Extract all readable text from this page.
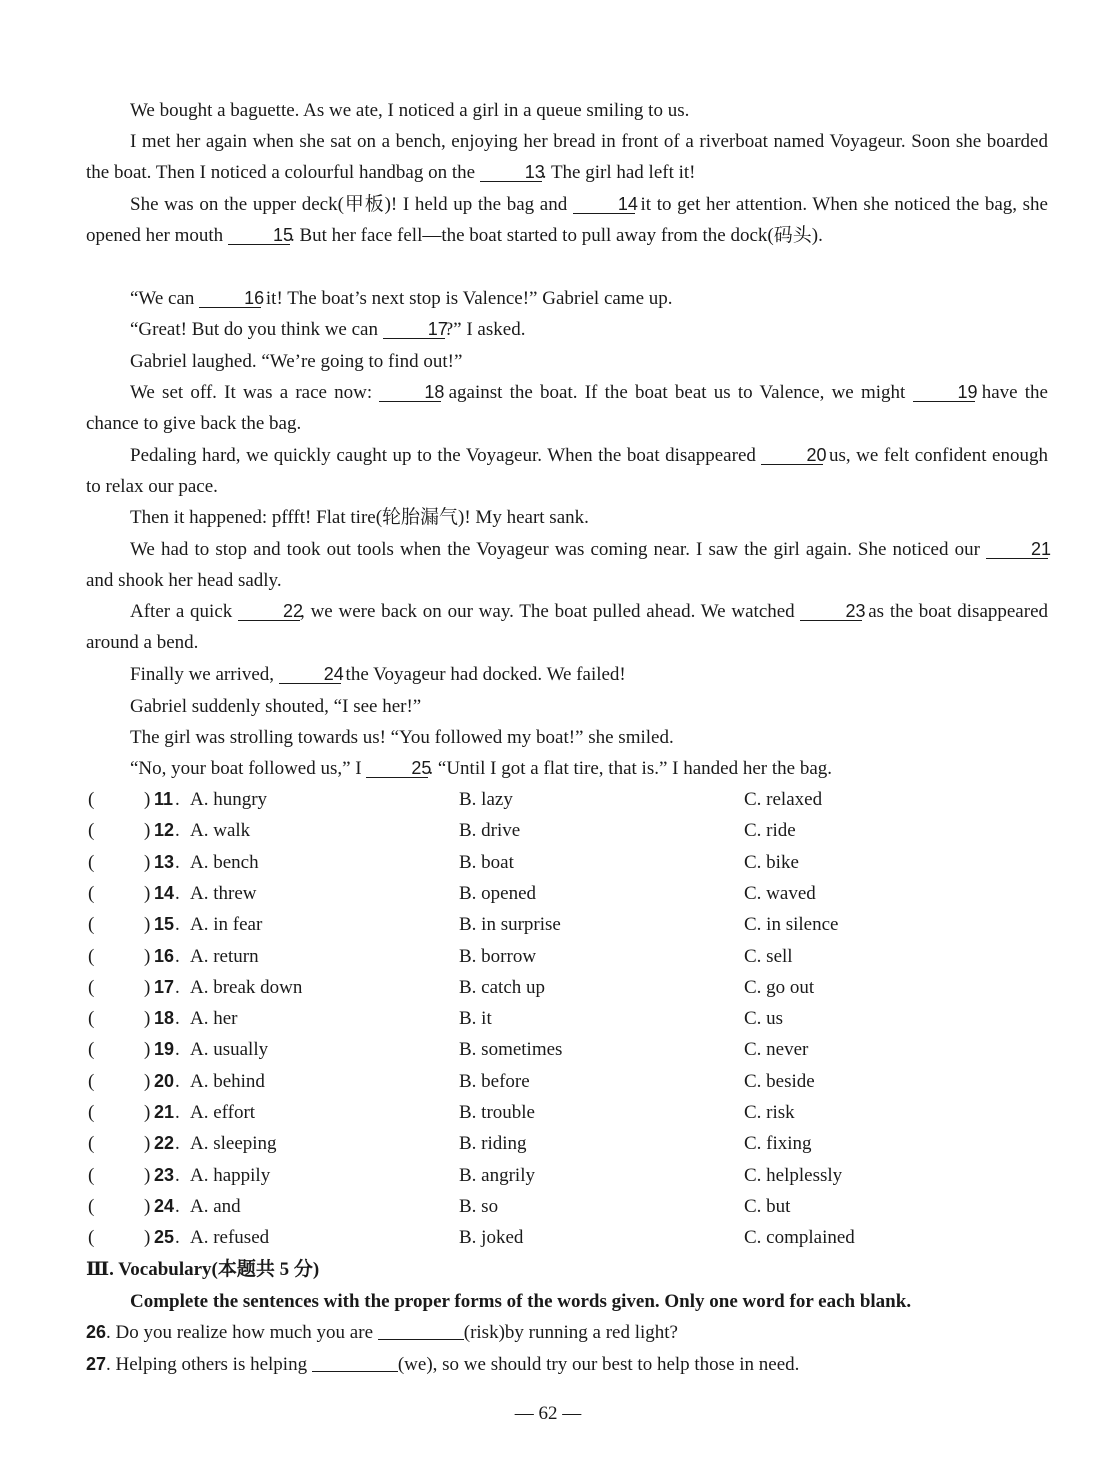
We bought a baguette. As we ate, I noticed a girl in a queue smiling to us.
I met her again when she sat on a bench, enjoying her bread in front of a riverboat named Voyageur. Soon she boarded the boat. Then I noticed a colourful handbag on the	13. The girl had left it!
She was on the upper deck(甲板)! I held up the bag and	14 it to get her attention. When she noticed the bag, she opened her mouth	15. But her face fell—the boat started to pull away from the dock(码头).
“We can	16 it! The boat’s next stop is Valence!” Gabriel came up.
“Great! But do you think we can	17?” I asked.
Gabriel laughed. “We’re going to find out!”
We set off. It was a race now:	18 against the boat. If the boat beat us to Valence, we might	19 have the chance to give back the bag.
Pedaling hard, we quickly caught up to the Voyageur. When the boat disappeared	20 us, we felt confident enough to relax our pace.
Then it happened: pffft! Flat tire(轮胎漏气)! My heart sank.
We had to stop and took out tools when the Voyageur was coming near. I saw the girl again. She noticed our	21 and shook her head sadly.
After a quick	22, we were back on our way. The boat pulled ahead. We watched	23 as the boat disappeared around a bend.
Finally we arrived,	24 the Voyageur had docked. We failed!
Gabriel suddenly shouted, “I see her!”
The girl was strolling towards us! “You followed my boat!” she smiled.
“No, your boat followed us,” I	25. “Until I got a flat tire, that is.” I handed her the bag.
(	) 11 . A. hungry	B. lazy	C. relaxed
(	) 12 . A. walk	B. drive	C. ride
(	) 13 . A. bench	B. boat	C. bike
(	) 14 . A. threw	B. opened	C. waved
(	) 15 . A. in fear	B. in surprise	C. in silence
(	) 16 . A. return	B. borrow	C. sell
(	) 17 . A. break down	B. catch up	C. go out
(	) 18 . A. her	B. it	C. us
(	) 19 . A. usually	B. sometimes	C. never
(	) 20 . A. behind	B. before	C. beside
(	) 21 . A. effort	B. trouble	C. risk
(	) 22 . A. sleeping	B. riding	C. fixing
(	) 23 . A. happily	B. angrily	C. helplessly
(	) 24 . A. and	B. so	C. but
(	) 25 . A. refused	B. joked	C. complained
Ⅲ. Vocabulary(本题共 5 分)
Complete the sentences with the proper forms of the words given. Only one word for each blank.
26. Do you realize how much you are	(risk)by running a red light?
27. Helping others is helping	(we), so we should try our best to help those in need.
— 62 —
